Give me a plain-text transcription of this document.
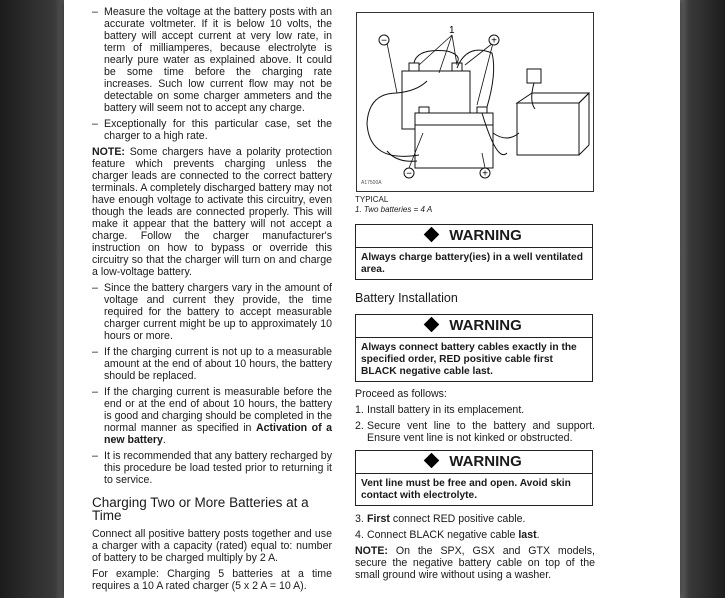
– Measure the voltage at the battery posts with an accurate voltmeter. If it is below 10 volts, the battery will accept current at very low rate, in term of milliamperes, because electrolyte is nearly pure water as explained above. It could be some time before the charging rate increases. Such low current flow may not be detectable on some charger ammeters and the battery will seem not to accept any charge.
– Exceptionally for this particular case, set the charger to a high rate.
NOTE: Some chargers have a polarity protection feature which prevents charging unless the charger leads are connected to the correct battery terminals. A completely discharged battery may not have enough voltage to activate this circuitry, even though the leads are connected properly. This will make it appear that the battery will not accept a charge. Follow the charger manufacturer's instruction on how to bypass or override this circuitry so that the charger will turn on and charge a low-voltage battery.
– Since the battery chargers vary in the amount of voltage and current they provide, the time required for the battery to accept measurable charger current might be up to approximately 10 hours or more.
– If the charging current is not up to a measurable amount at the end of about 10 hours, the battery should be replaced.
– If the charging current is measurable before the end or at the end of about 10 hours, the battery is good and charging should be completed in the normal manner as specified in Activation of a new battery.
– It is recommended that any battery recharged by this procedure be load tested prior to returning it to service.
Charging Two or More Batteries at a Time
Connect all positive battery posts together and use a charger with a capacity (rated) equal to: number of battery to be charged multiply by 2 A.
For example: Charging 5 batteries at a time requires a 10 A rated charger (5 x 2 A = 10 A).
1
−	+
−	+
A17500A
TYPICAL
1. Two batteries = 4 A
WARNING
Always charge battery(ies) in a well ventilated area.
Battery Installation
WARNING
Always connect battery cables exactly in the specified order, RED positive cable first BLACK negative cable last.
Proceed as follows:
1. Install battery in its emplacement.
2. Secure vent line to the battery and support. Ensure vent line is not kinked or obstructed.
WARNING
Vent line must be free and open. Avoid skin contact with electrolyte.
3. First connect RED positive cable.
4. Connect BLACK negative cable last.
NOTE: On the SPX, GSX and GTX models, secure the negative battery cable on top of the small ground wire without using a washer.
